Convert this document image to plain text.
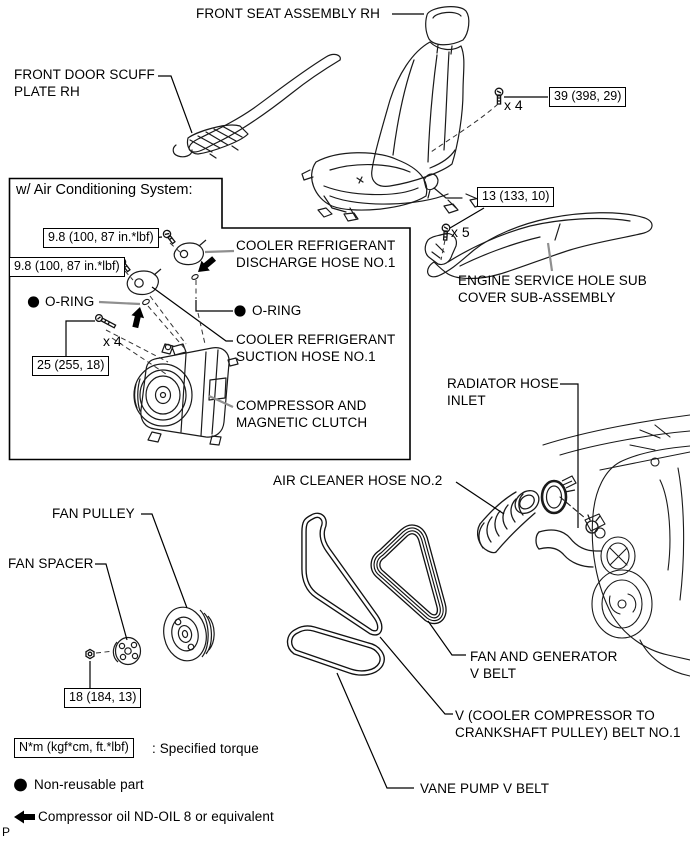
FRONT SEAT ASSEMBLY RH
FRONT DOOR SCUFF
PLATE RH	39 (398, 29)
x 4
13 (133, 10)
x 5
ENGINE SERVICE HOLE SUB
COVER SUB-ASSEMBLY
w/ Air Conditioning System:
9.8 (100, 87 in.*lbf)
COOLER REFRIGERANT
DISCHARGE HOSE NO.1
9.8 (100, 87 in.*lbf)
O-RING
O-RING
COOLER REFRIGERANT
SUCTION HOSE NO.1
x 4
25 (255, 18)
COMPRESSOR AND
MAGNETIC CLUTCH
RADIATOR HOSE
INLET
AIR CLEANER HOSE NO.2
FAN PULLEY
FAN SPACER
18 (184, 13)
FAN AND GENERATOR
V BELT
V (COOLER COMPRESSOR TO
CRANKSHAFT PULLEY) BELT NO.1
VANE PUMP V BELT
N*m (kgf*cm, ft.*lbf)	: Specified torque
Non-reusable part
Compressor oil ND-OIL 8 or equivalent
P
